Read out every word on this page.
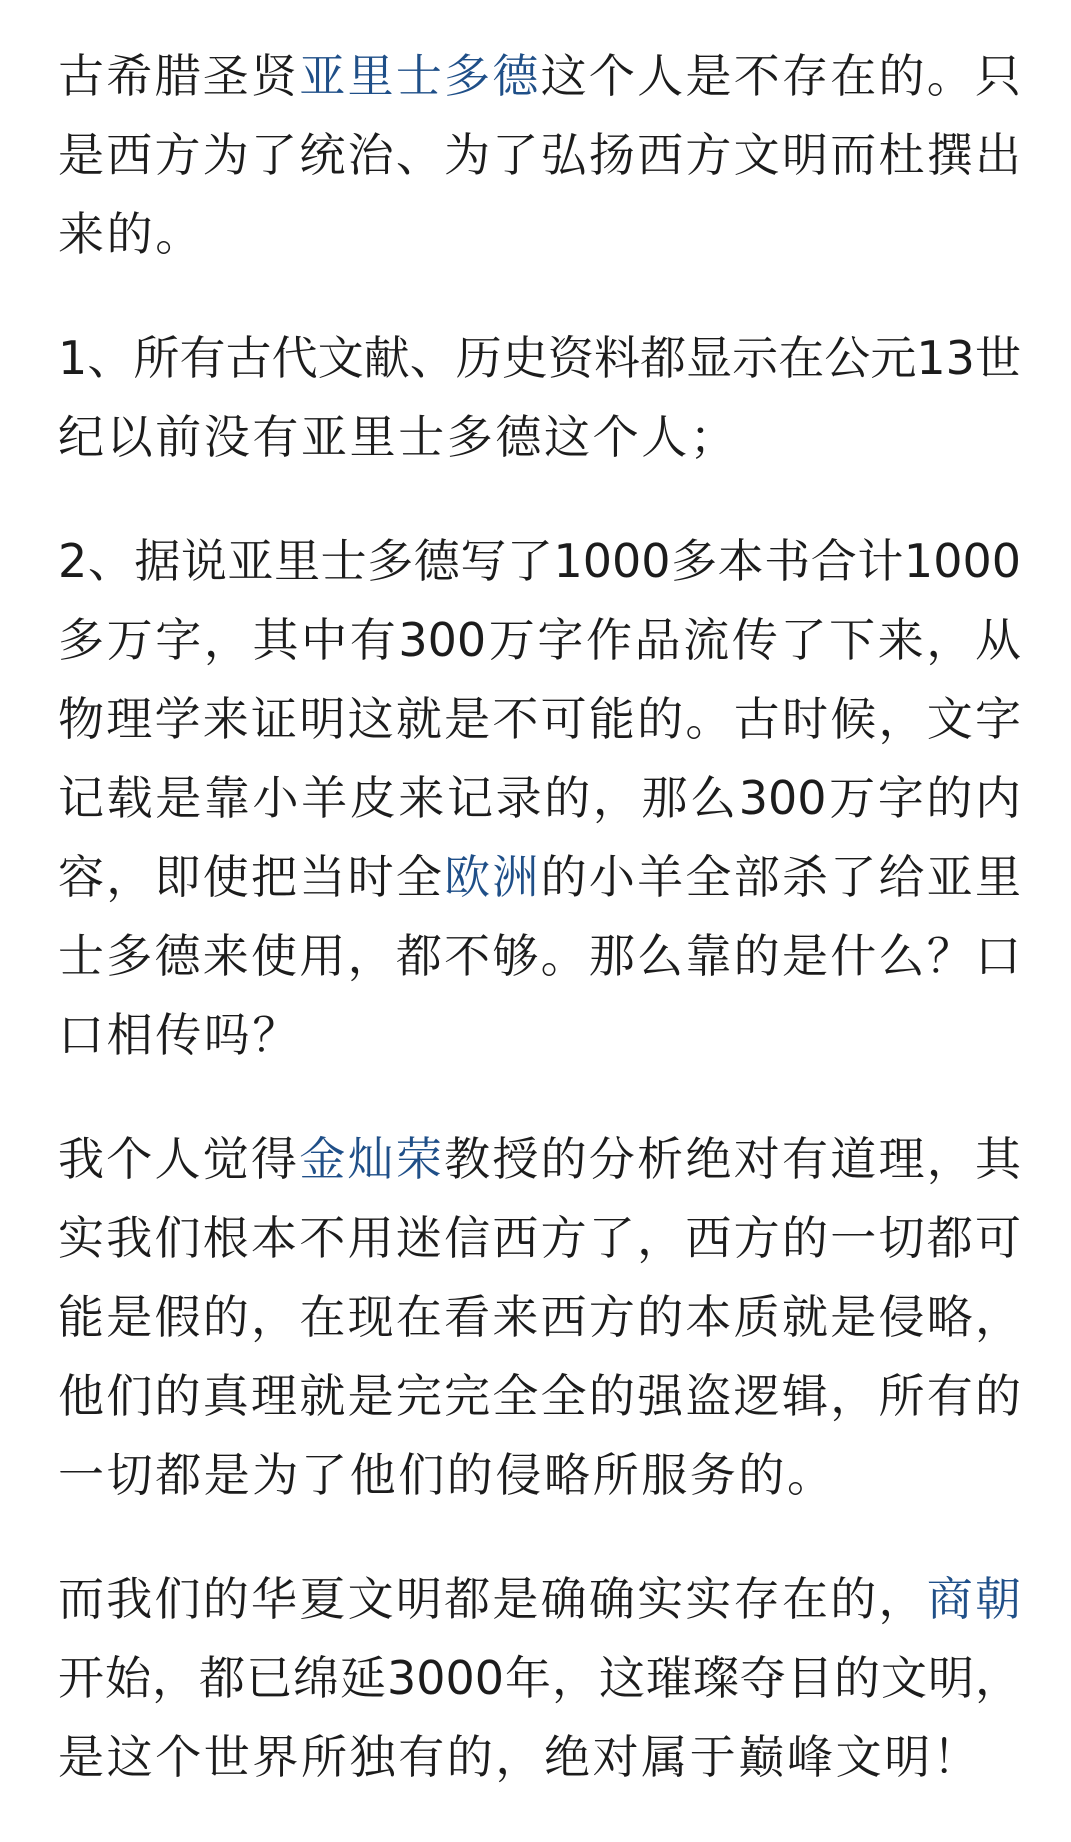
古希腊圣贤亚里士多德这个人是不存在的。只
是西方为了统治、为了弘扬西方文明而杜撰出
来的。
1、所有古代文献、历史资料都显示在公元13世
纪以前没有亚里士多德这个人；
2、据说亚里士多德写了1000多本书合计1000
多万字，其中有300万字作品流传了下来，从
物理学来证明这就是不可能的。古时候，文字
记载是靠小羊皮来记录的，那么300万字的内
容，即使把当时全欧洲的小羊全部杀了给亚里
士多德来使用，都不够。那么靠的是什么？口
口相传吗？
我个人觉得金灿荣教授的分析绝对有道理，其
实我们根本不用迷信西方了，西方的一切都可
能是假的，在现在看来西方的本质就是侵略，
他们的真理就是完完全全的强盗逻辑，所有的
一切都是为了他们的侵略所服务的。
而我们的华夏文明都是确确实实存在的，商朝
开始，都已绵延3000年，这璀璨夺目的文明，
是这个世界所独有的，绝对属于巅峰文明！
